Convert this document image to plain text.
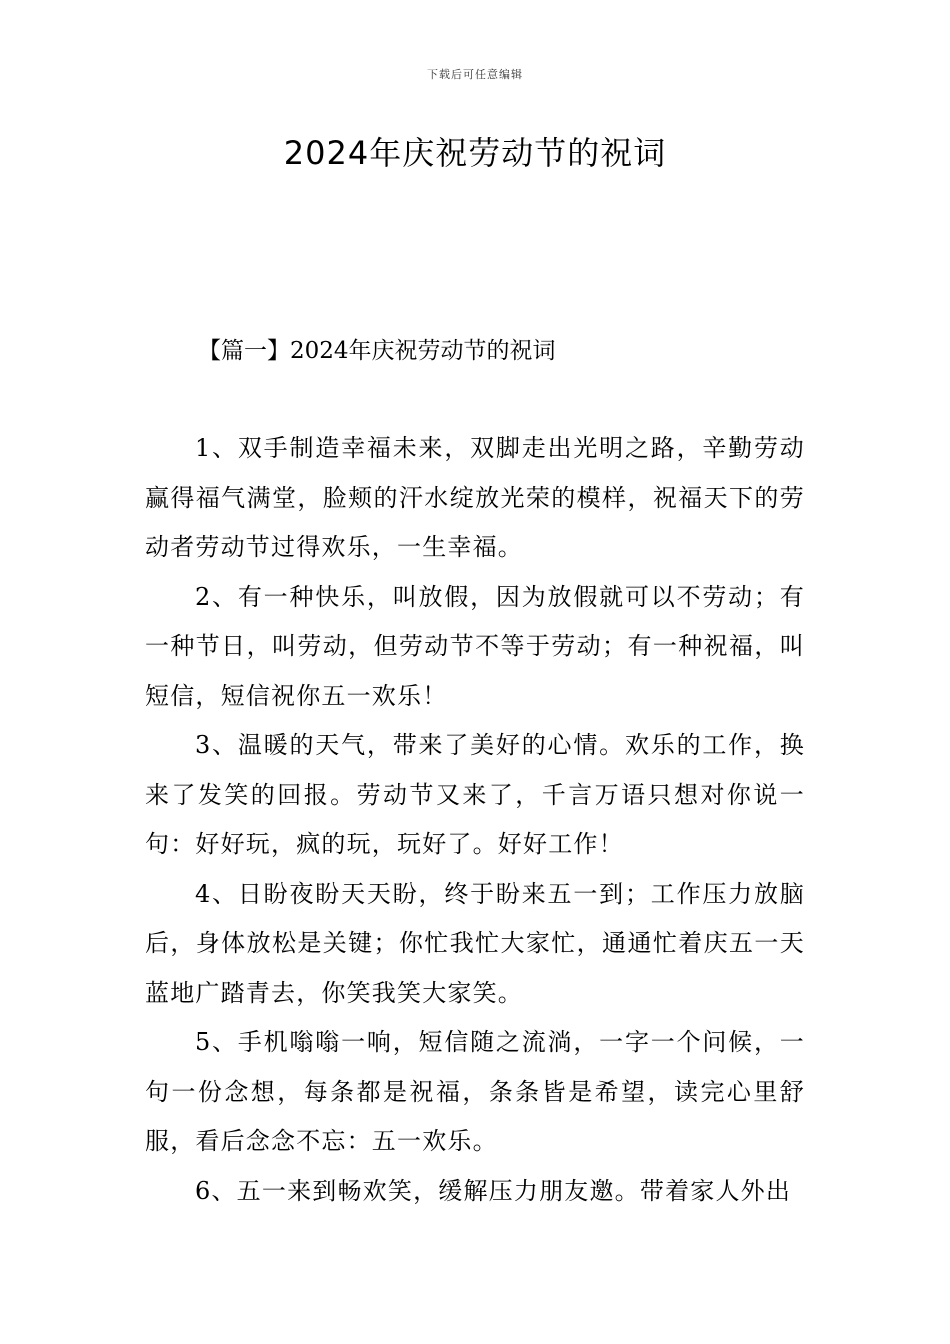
下载后可任意编辑
2024年庆祝劳动节的祝词
【篇一】2024年庆祝劳动节的祝词

1、双手制造幸福未来，双脚走出光明之路，辛勤劳动赢得福气满堂，脸颊的汗水绽放光荣的模样，祝福天下的劳动者劳动节过得欢乐，一生幸福。

2、有一种快乐，叫放假，因为放假就可以不劳动；有一种节日，叫劳动，但劳动节不等于劳动；有一种祝福，叫短信，短信祝你五一欢乐！

3、温暖的天气，带来了美好的心情。欢乐的工作，换来了发笑的回报。劳动节又来了，千言万语只想对你说一句：好好玩，疯的玩，玩好了。好好工作！

4、日盼夜盼天天盼，终于盼来五一到；工作压力放脑后，身体放松是关键；你忙我忙大家忙，通通忙着庆五一天蓝地广踏青去，你笑我笑大家笑。

5、手机嗡嗡一响，短信随之流淌，一字一个问候，一句一份念想，每条都是祝福，条条皆是希望，读完心里舒服，看后念念不忘：五一欢乐。

6、五一来到畅欢笑，缓解压力朋友邀。带着家人外出
